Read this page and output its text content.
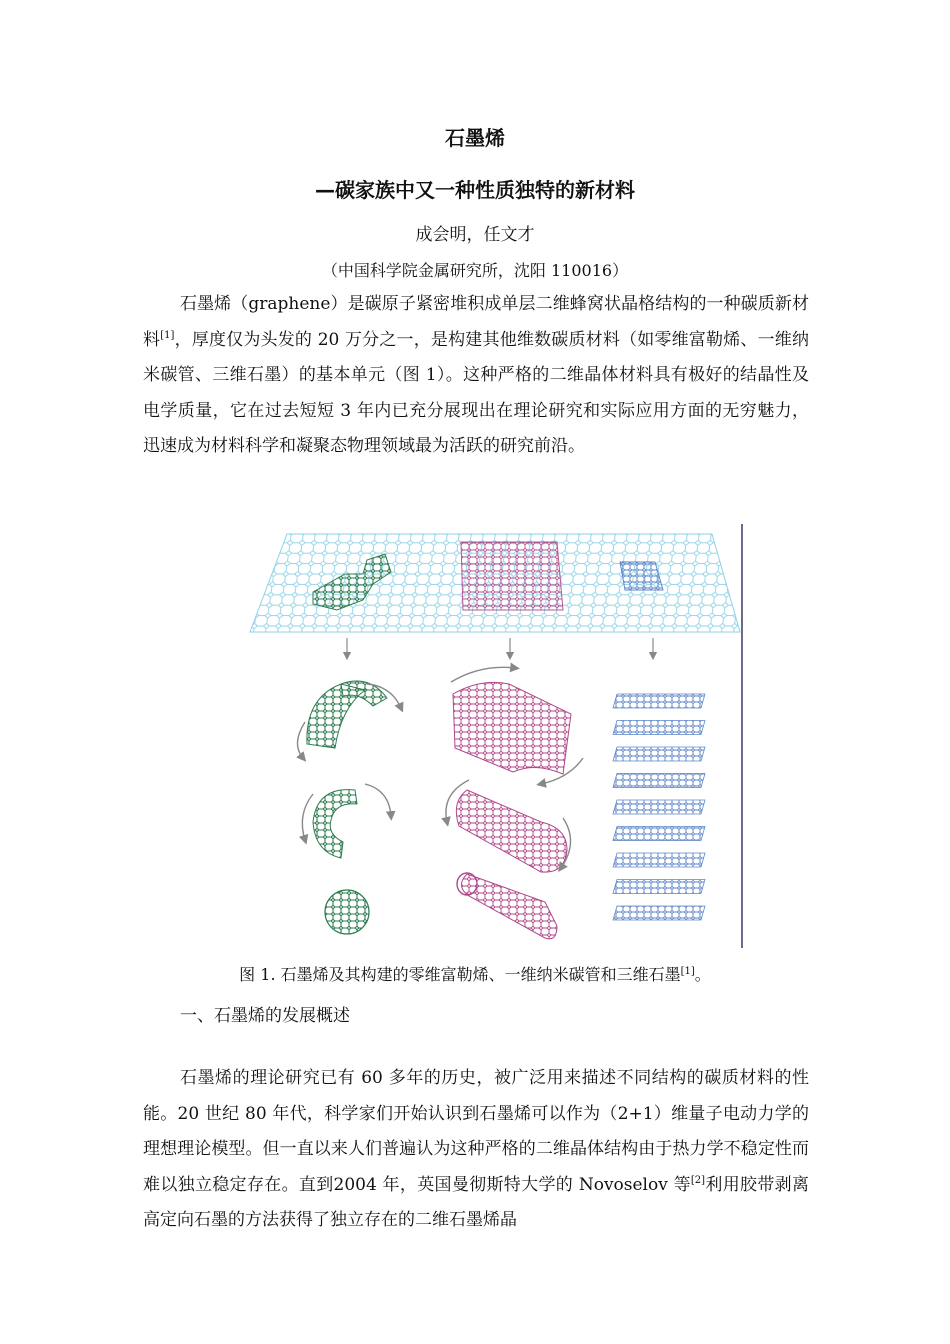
石墨烯
—碳家族中又一种性质独特的新材料
成会明，任文才
（中国科学院金属研究所，沈阳 110016）

石墨烯（graphene）是碳原子紧密堆积成单层二维蜂窝状晶格结构的一种碳质新材料[1]，厚度仅为头发的 20 万分之一，是构建其他维数碳质材料（如零维富勒烯、一维纳米碳管、三维石墨）的基本单元（图 1）。这种严格的二维晶体材料具有极好的结晶性及电学质量，它在过去短短 3 年内已充分展现出在理论研究和实际应用方面的无穷魅力，迅速成为材料科学和凝聚态物理领域最为活跃的研究前沿。

图 1. 石墨烯及其构建的零维富勒烯、一维纳米碳管和三维石墨[1]。
一、石墨烯的发展概述

石墨烯的理论研究已有 60 多年的历史，被广泛用来描述不同结构的碳质材料的性能。20 世纪 80 年代，科学家们开始认识到石墨烯可以作为（2+1）维量子电动力学的理想理论模型。但一直以来人们普遍认为这种严格的二维晶体结构由于热力学不稳定性而难以独立稳定存在。直到2004 年，英国曼彻斯特大学的 Novoselov 等[2]利用胶带剥离高定向石墨的方法获得了独立存在的二维石墨烯晶
